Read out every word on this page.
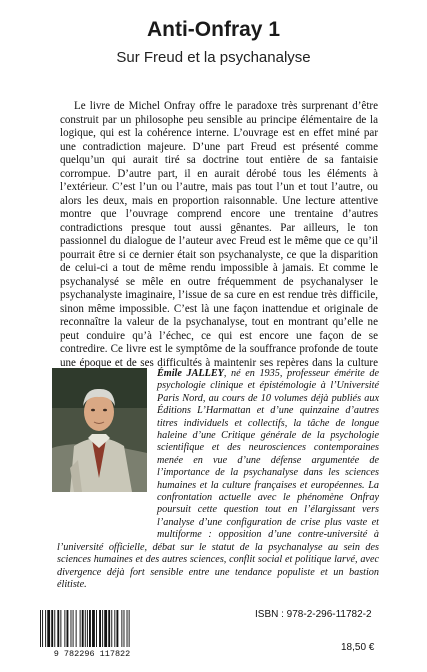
Anti-Onfray 1
Sur Freud et la psychanalyse

Le livre de Michel Onfray offre le paradoxe très surprenant d’être construit par un philosophe peu sensible au principe élémentaire de la logique, qui est la cohérence interne. L’ouvrage est en effet miné par une contradiction majeure. D’une part Freud est présenté comme quelqu’un qui aurait tiré sa doctrine tout entière de sa fantaisie corrompue. D’autre part, il en aurait dérobé tous les éléments à l’extérieur. C’est l’un ou l’autre, mais pas tout l’un et tout l’autre, ou alors les deux, mais en proportion raisonnable. Une lecture attentive montre que l’ouvrage comprend encore une trentaine d’autres contradictions presque tout aussi gênantes. Par ailleurs, le ton passionnel du dialogue de l’auteur avec Freud est le même que ce qu’il pourrait être si ce dernier était son psychanalyste, ce que la disparition de celui-ci a tout de même rendu impossible à jamais. Et comme le psychanalysé se mêle en outre fréquemment de psychanalyser le psychanalyste imaginaire, l’issue de sa cure en est rendue très difficile, sinon même impossible. C’est là une façon inattendue et originale de reconnaître la valeur de la psychanalyse, tout en montrant qu’elle ne peut conduire qu’à l’échec, ce qui est encore une façon de se contredire. Ce livre est le symptôme de la souffrance profonde de toute une époque et de ses difficultés à maintenir ses repères dans la culture

Émile JALLEY, né en 1935, professeur émérite de psychologie clinique et épistémologie à l’Université Paris Nord, au cours de 10 volumes déjà publiés aux Éditions L’Harmattan et d’une quinzaine d’autres titres individuels et collectifs, la tâche de longue haleine d’une Critique générale de la psychologie scientifique et des neurosciences contemporaines menée en vue d’une défense argumentée de l’importance de la psychanalyse dans les sciences humaines et la culture françaises et européennes. La confrontation actuelle avec le phénomène Onfray poursuit cette question tout en l’élargissant vers l’analyse d’une configuration de crise plus vaste et multiforme : opposition d’une contre-université à l’université officielle, débat sur le statut de la psychanalyse au sein des sciences humaines et des autres sciences, conflit social et politique larvé, avec divergence déjà fort sensible entre une tendance populiste et un bastion élitiste.

9 782296 117822
ISBN : 978-2-296-11782-2
18,50 €
